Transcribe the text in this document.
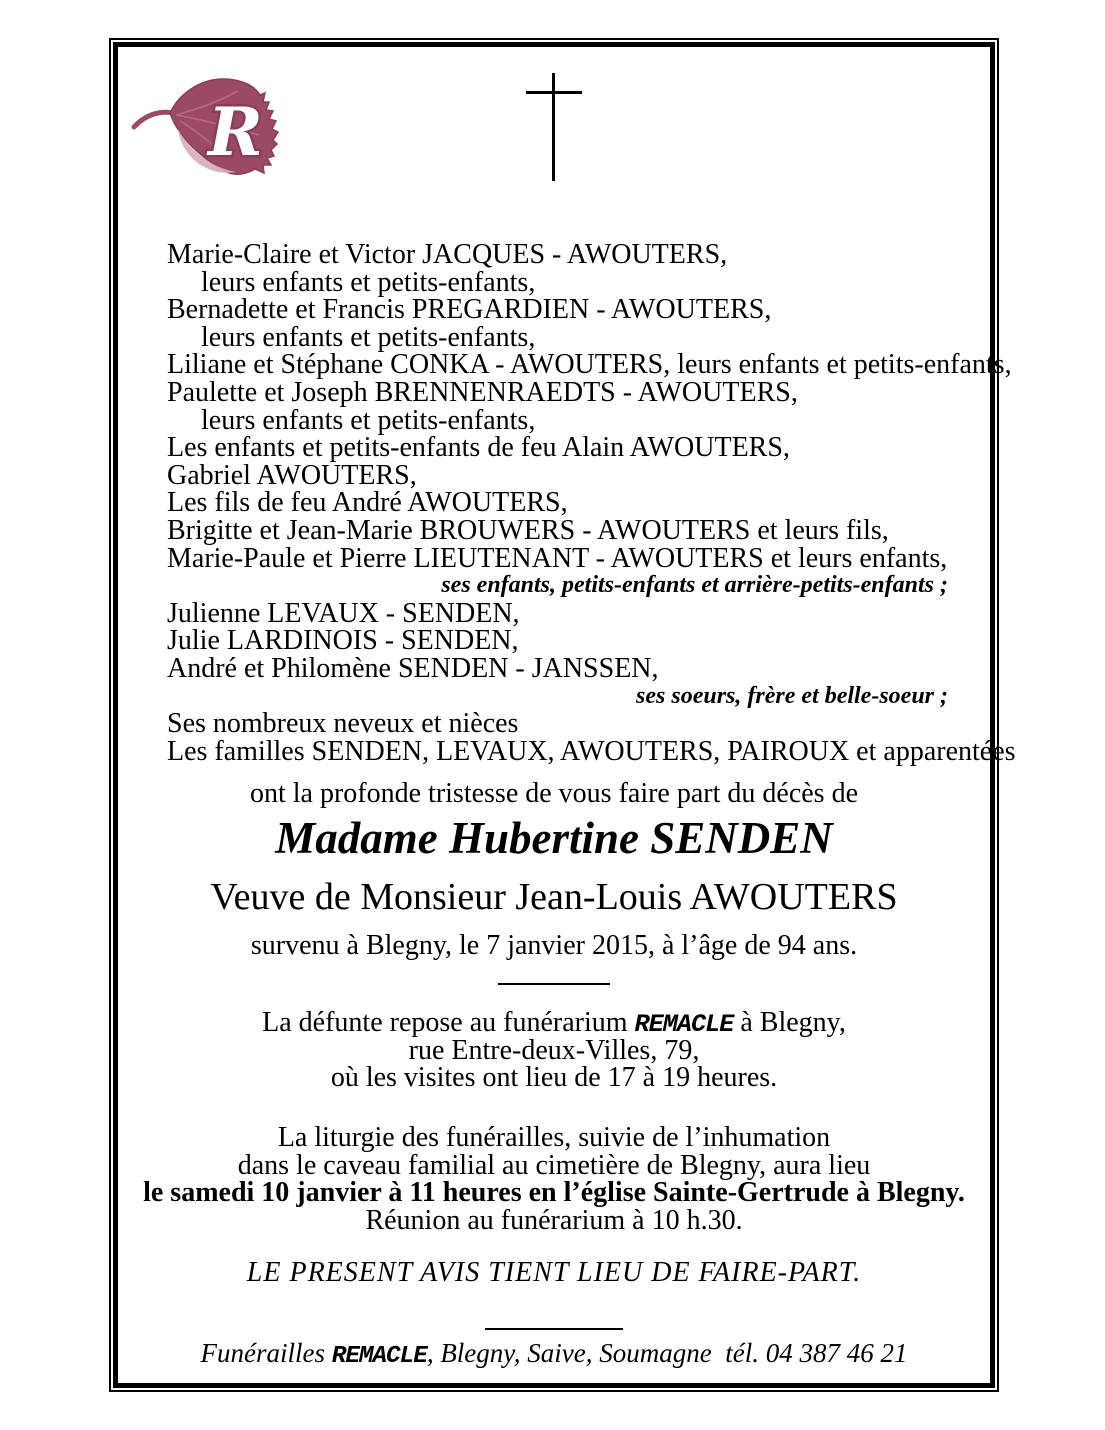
R
Marie-Claire et Victor JACQUES - AWOUTERS,
leurs enfants et petits-enfants,
Bernadette et Francis PREGARDIEN - AWOUTERS,
leurs enfants et petits-enfants,
Liliane et Stéphane CONKA - AWOUTERS, leurs enfants et petits-enfants,
Paulette et Joseph BRENNENRAEDTS - AWOUTERS,
leurs enfants et petits-enfants,
Les enfants et petits-enfants de feu Alain AWOUTERS,
Gabriel AWOUTERS,
Les fils de feu André AWOUTERS,
Brigitte et Jean-Marie BROUWERS - AWOUTERS et leurs fils,
Marie-Paule et Pierre LIEUTENANT - AWOUTERS et leurs enfants,
ses enfants, petits-enfants et arrière-petits-enfants ;
Julienne LEVAUX - SENDEN,
Julie LARDINOIS - SENDEN,
André et Philomène SENDEN - JANSSEN,
ses soeurs, frère et belle-soeur ;
Ses nombreux neveux et nièces
Les familles SENDEN, LEVAUX, AWOUTERS, PAIROUX et apparentées
ont la profonde tristesse de vous faire part du décès de
Madame Hubertine SENDEN
Veuve de Monsieur Jean-Louis AWOUTERS
survenu à Blegny, le 7 janvier 2015, à l’âge de 94 ans.
La défunte repose au funérarium REMACLE à Blegny,
rue Entre-deux-Villes, 79,
où les visites ont lieu de 17 à 19 heures.
La liturgie des funérailles, suivie de l’inhumation
dans le caveau familial au cimetière de Blegny, aura lieu
le samedi 10 janvier à 11 heures en l’église Sainte-Gertrude à Blegny.
Réunion au funérarium à 10 h.30.
LE PRESENT AVIS TIENT LIEU DE FAIRE-PART.
Funérailles REMACLE, Blegny, Saive, Soumagne  tél. 04 387 46 21
